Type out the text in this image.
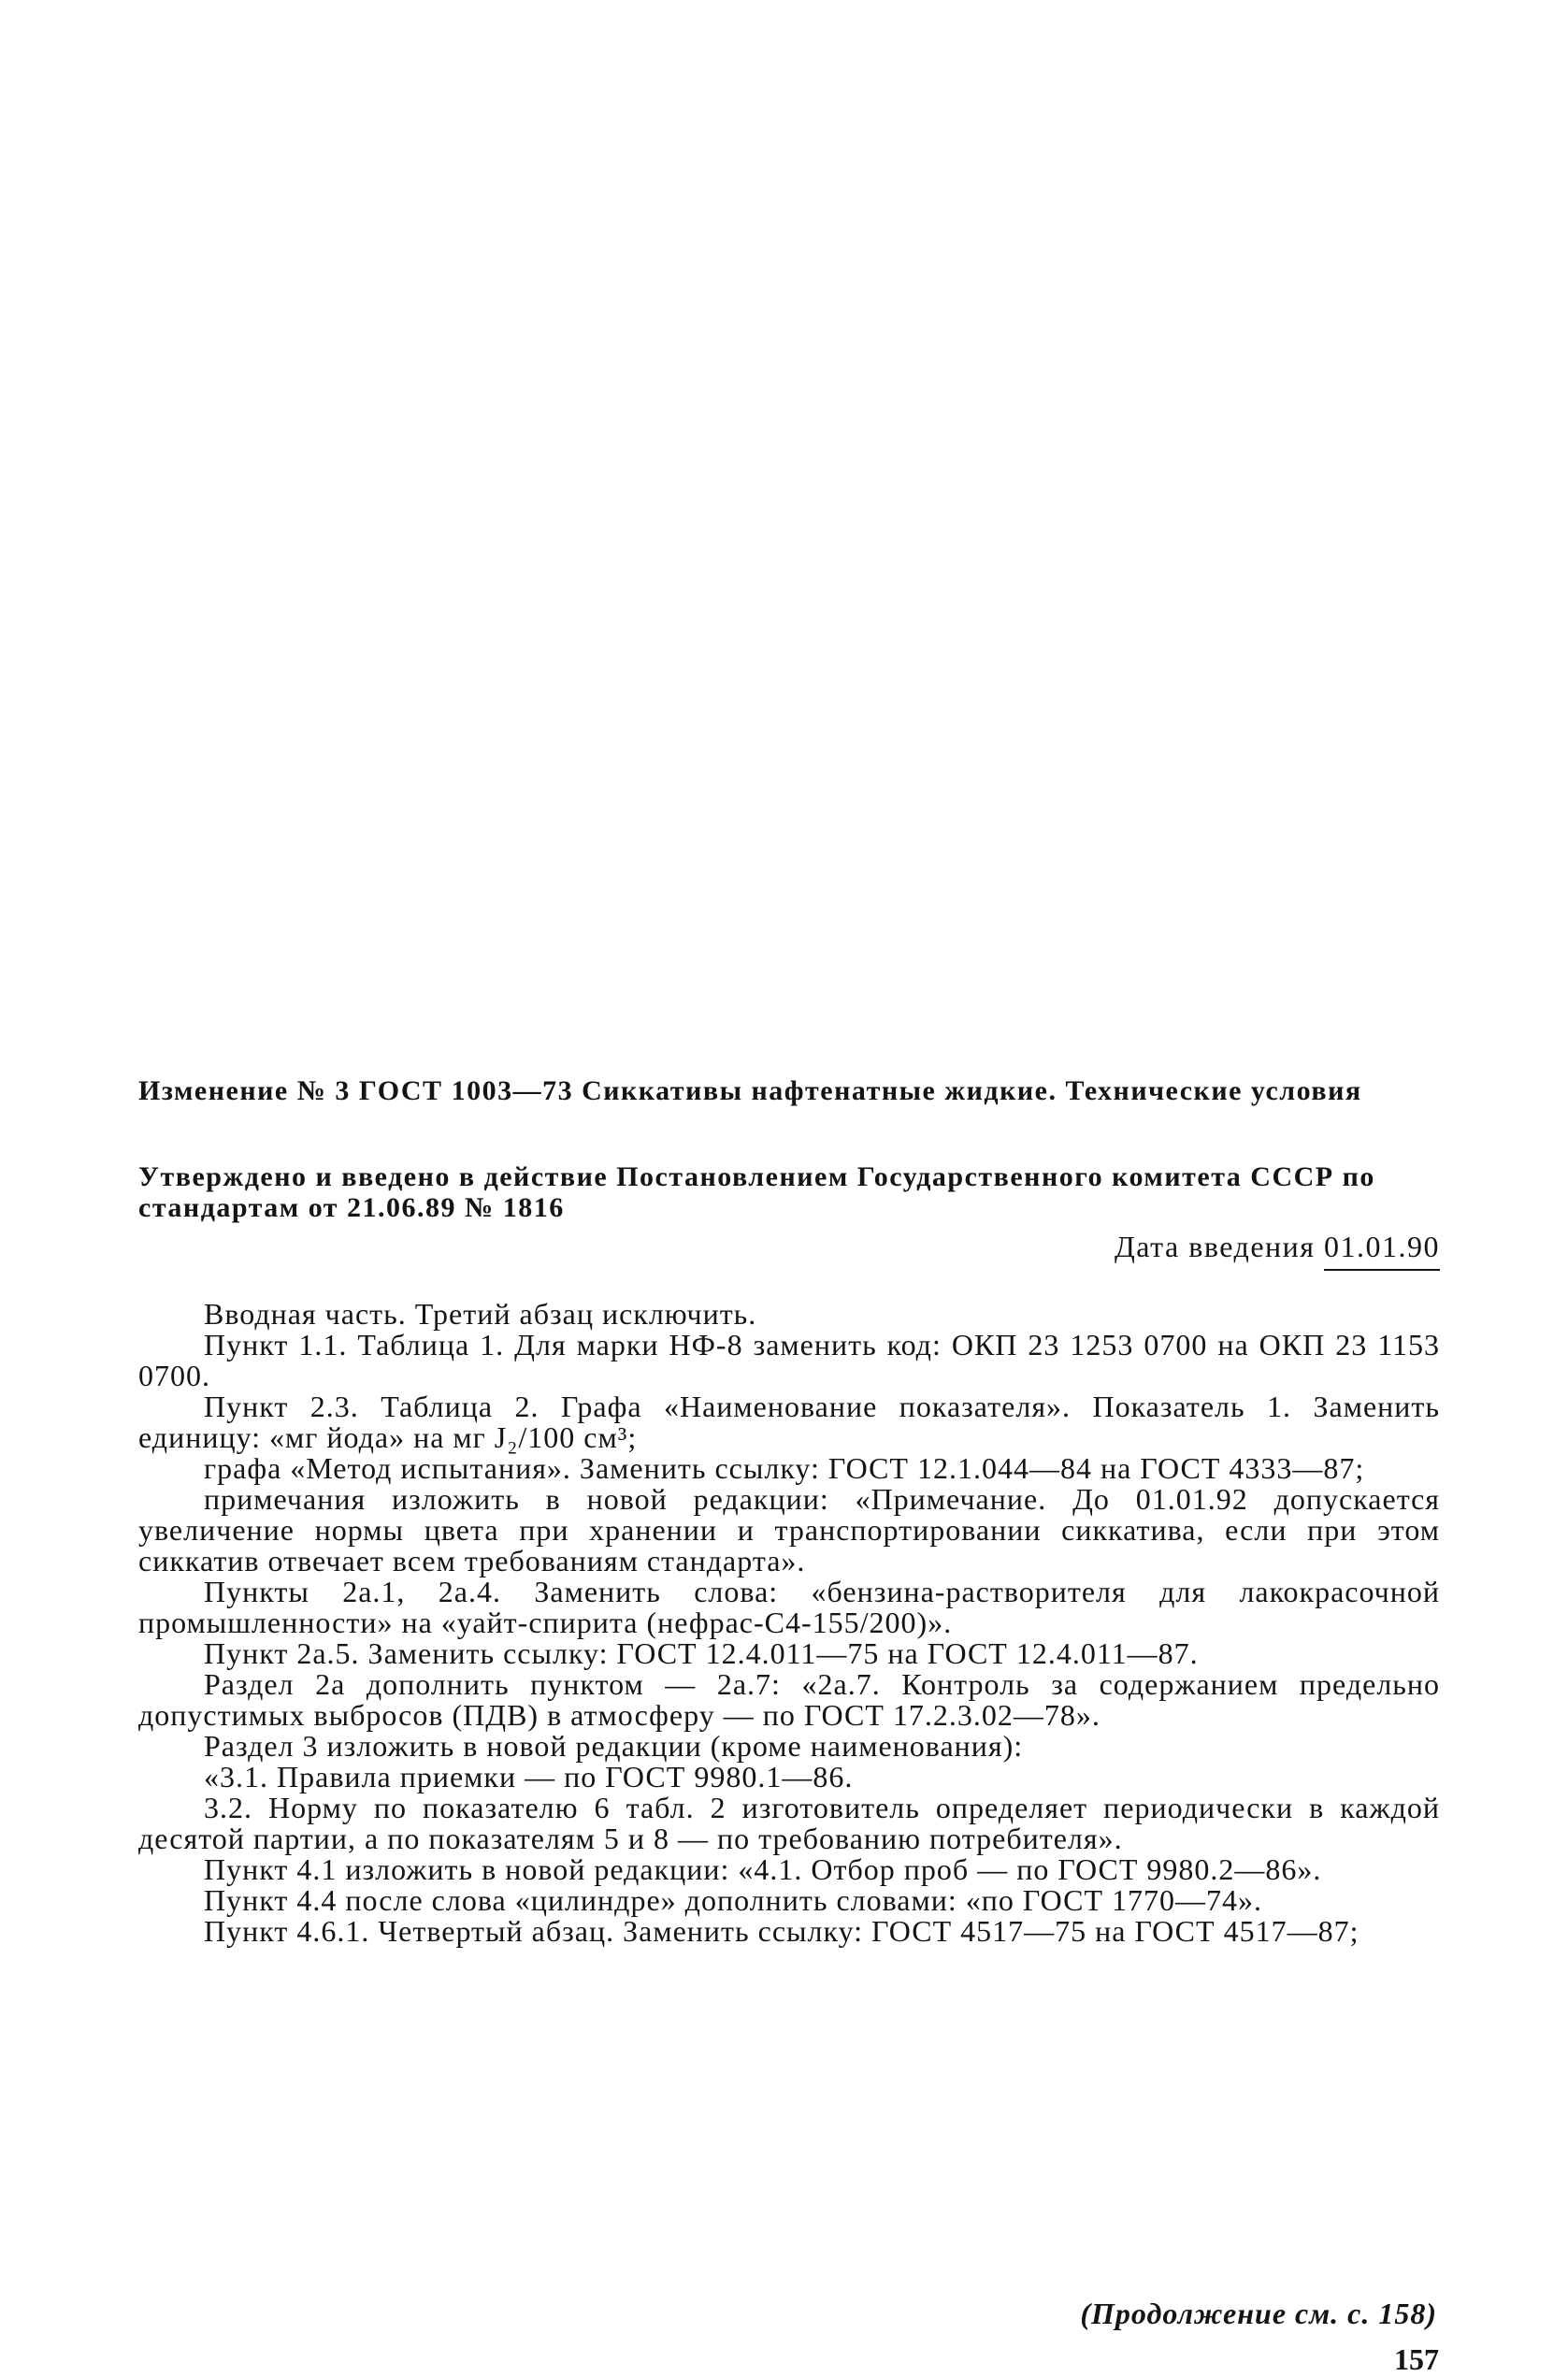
Изменение № 3 ГОСТ 1003—73 Сиккативы нафтенатные жидкие. Технические условия
Утверждено и введено в действие Постановлением Государственного комитета СССР по стандартам от 21.06.89 № 1816
Дата введения 01.01.90

Вводная часть. Третий абзац исключить.

Пункт 1.1. Таблица 1. Для марки НФ-8 заменить код: ОКП 23 1253 0700 на ОКП 23 1153 0700.

Пункт 2.3. Таблица 2. Графа «Наименование показателя». Показатель 1. Заменить единицу: «мг йода» на мг J₂/100 см³;

графа «Метод испытания». Заменить ссылку: ГОСТ 12.1.044—84 на ГОСТ 4333—87;

примечания изложить в новой редакции: «Примечание. До 01.01.92 допускается увеличение нормы цвета при хранении и транспортировании сиккатива, если при этом сиккатив отвечает всем требованиям стандарта».

Пункты 2а.1, 2а.4. Заменить слова: «бензина-растворителя для лакокрасочной промышленности» на «уайт-спирита (нефрас-С4-155/200)».

Пункт 2а.5. Заменить ссылку: ГОСТ 12.4.011—75 на ГОСТ 12.4.011—87.

Раздел 2а дополнить пунктом — 2а.7: «2а.7. Контроль за содержанием предельно допустимых выбросов (ПДВ) в атмосферу — по ГОСТ 17.2.3.02—78».

Раздел 3 изложить в новой редакции (кроме наименования):

«3.1. Правила приемки — по ГОСТ 9980.1—86.

3.2. Норму по показателю 6 табл. 2 изготовитель определяет периодически в каждой десятой партии, а по показателям 5 и 8 — по требованию потребителя».

Пункт 4.1 изложить в новой редакции: «4.1. Отбор проб — по ГОСТ 9980.2—86».

Пункт 4.4 после слова «цилиндре» дополнить словами: «по ГОСТ 1770—74».

Пункт 4.6.1. Четвертый абзац. Заменить ссылку: ГОСТ 4517—75 на ГОСТ 4517—87;

(Продолжение см. с. 158)
157
